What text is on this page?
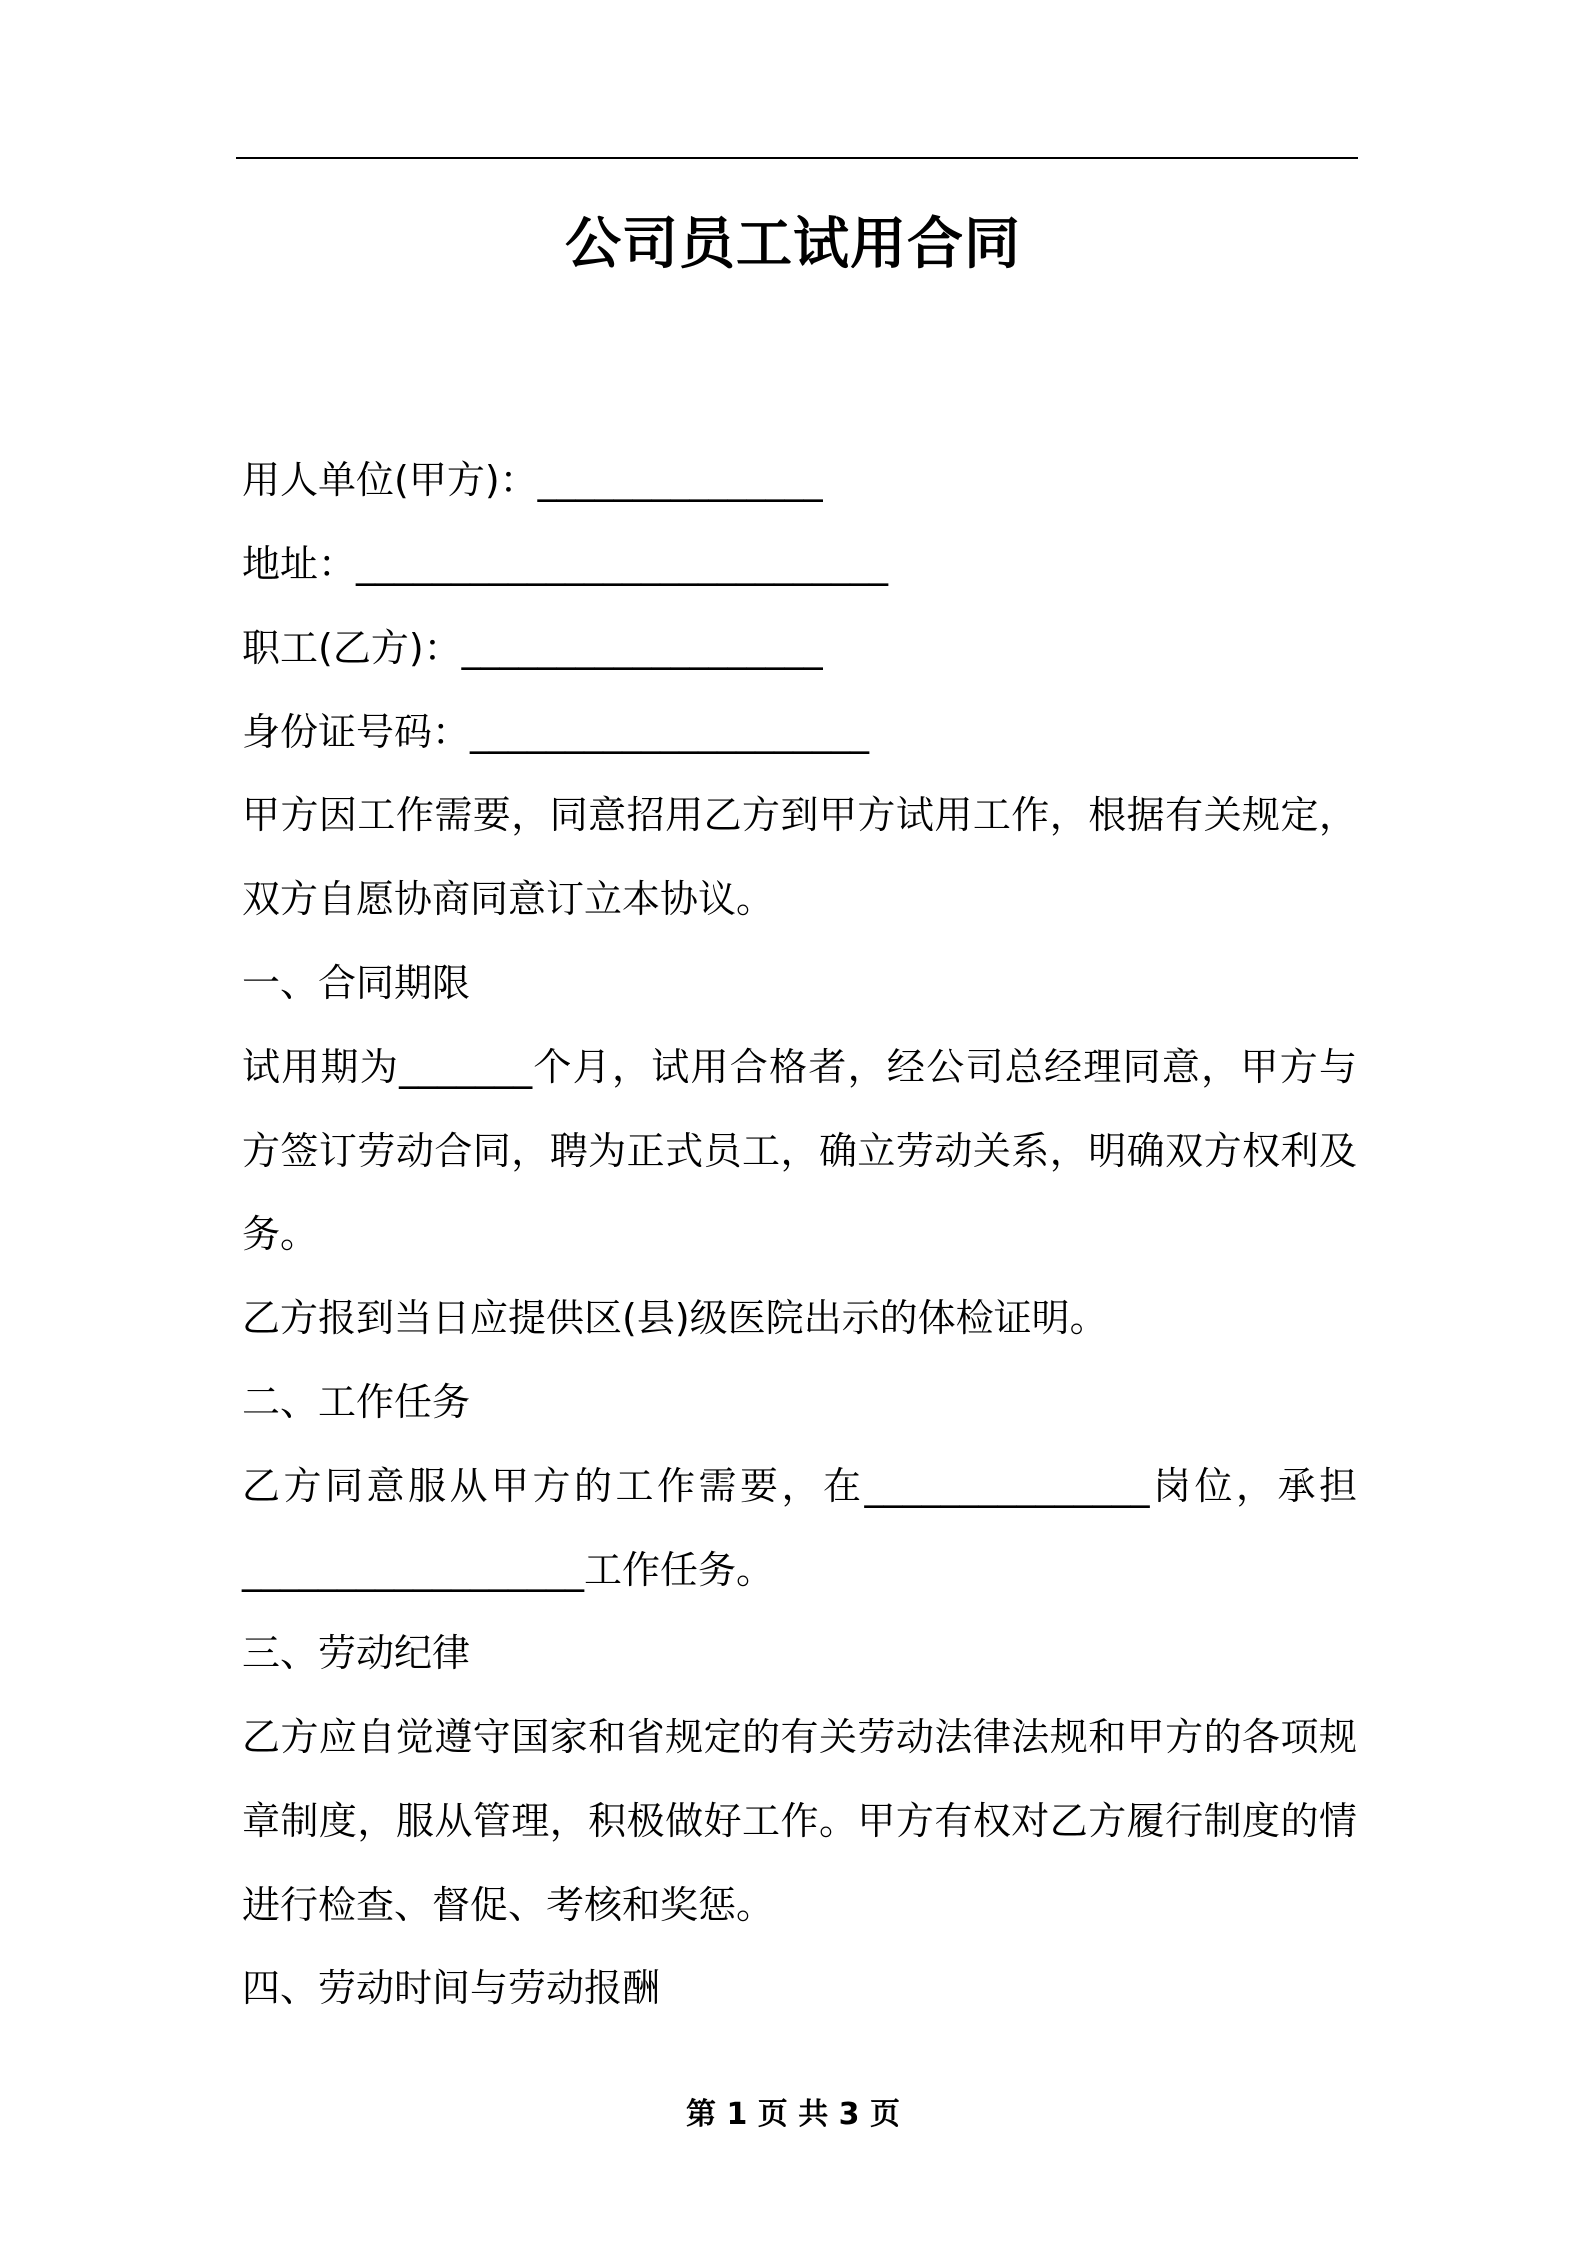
公司员工试用合同
用人单位(甲方)：_______________
地址：____________________________
职工(乙方)：___________________
身份证号码：_____________________
甲方因工作需要，同意招用乙方到甲方试用工作，根据有关规定，
双方自愿协商同意订立本协议。
一、合同期限
试用期为_______个月，试用合格者，经公司总经理同意，甲方与
方签订劳动合同，聘为正式员工，确立劳动关系，明确双方权利及
务。
乙方报到当日应提供区(县)级医院出示的体检证明。
二、工作任务
乙方同意服从甲方的工作需要，在_______________岗位，承担
__________________工作任务。
三、劳动纪律
乙方应自觉遵守国家和省规定的有关劳动法律法规和甲方的各项规
章制度，服从管理，积极做好工作。甲方有权对乙方履行制度的情
进行检查、督促、考核和奖惩。
四、劳动时间与劳动报酬
第 1 页 共 3 页
